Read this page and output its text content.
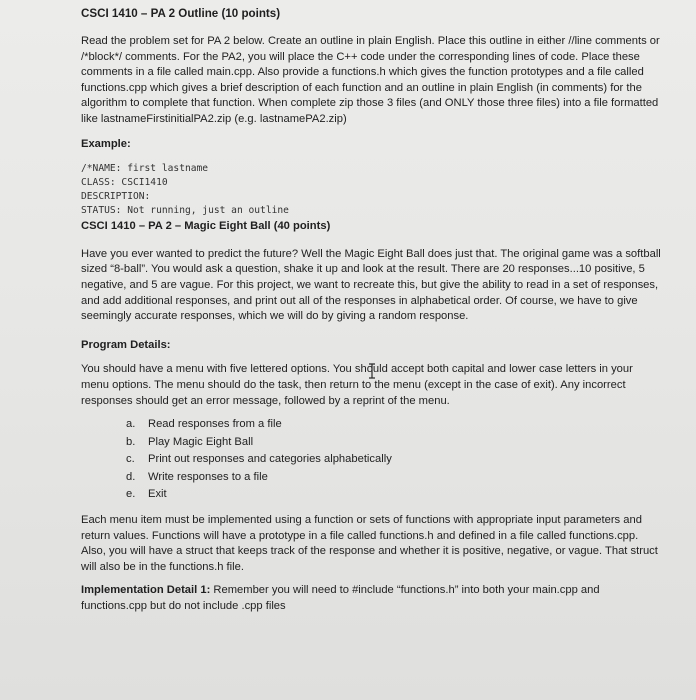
CSCI 1410 – PA 2 Outline (10 points)

Read the problem set for PA 2 below. Create an outline in plain English. Place this outline in either //line comments or /*block*/ comments. For the PA2, you will place the C++ code under the corresponding lines of code. Place these comments in a file called main.cpp. Also provide a functions.h which gives the function prototypes and a file called functions.cpp which gives a brief description of each function and an outline in plain English (in comments) for the algorithm to complete that function. When complete zip those 3 files (and ONLY those three files) into a file formatted like lastnameFirstinitialPA2.zip (e.g. lastnamePA2.zip)

Example:
/*NAME: first lastname
CLASS: CSCI1410
DESCRIPTION:
STATUS: Not running, just an outline
CSCI 1410 – PA 2 – Magic Eight Ball (40 points)

Have you ever wanted to predict the future? Well the Magic Eight Ball does just that. The original game was a softball sized “8-ball”. You would ask a question, shake it up and look at the result. There are 20 responses...10 positive, 5 negative, and 5 are vague. For this project, we want to recreate this, but give the ability to read in a set of responses, and add additional responses, and print out all of the responses in alphabetical order. Of course, we have to give seemingly accurate responses, which we will do by giving a random response.

Program Details:

You should have a menu with five lettered options. You should accept both capital and lower case letters in your menu options. The menu should do the task, then return to the menu (except in the case of exit). Any incorrect responses should get an error message, followed by a reprint of the menu.

a.	Read responses from a file
b.	Play Magic Eight Ball
c.	Print out responses and categories alphabetically
d.	Write responses to a file
e.	Exit

Each menu item must be implemented using a function or sets of functions with appropriate input parameters and return values. Functions will have a prototype in a file called functions.h and defined in a file called functions.cpp. Also, you will have a struct that keeps track of the response and whether it is positive, negative, or vague. That struct will also be in the functions.h file.

Implementation Detail 1: Remember you will need to #include “functions.h” into both your main.cpp and functions.cpp but do not include .cpp files
